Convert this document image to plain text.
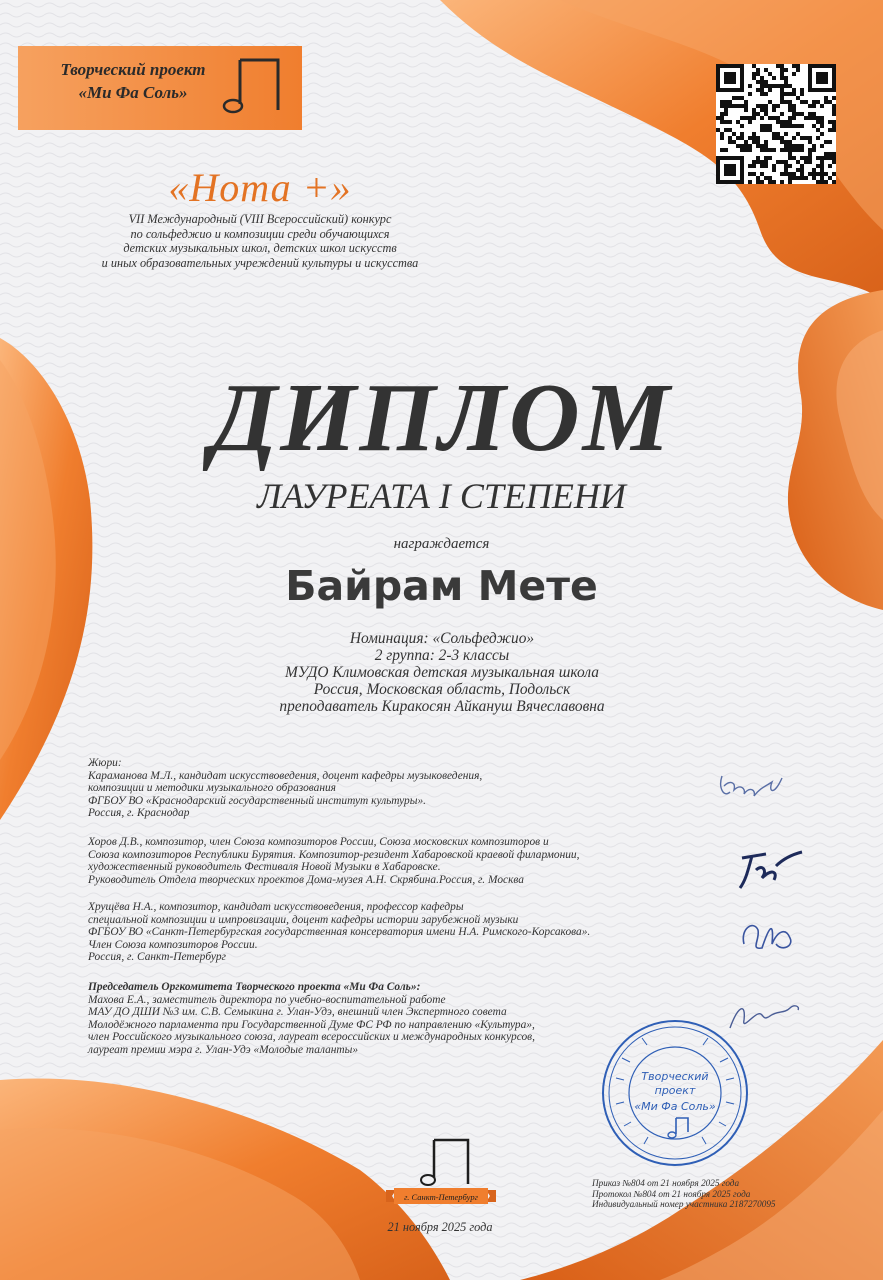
Творческий проект
«Ми Фа Соль»
«Нота +»
VII Международный (VIII Всероссийский) конкурс
по сольфеджио и композиции среди обучающихся
детских музыкальных школ, детских школ искусств
и иных образовательных учреждений культуры и искусства
ДИПЛОМ
ЛАУРЕАТА I СТЕПЕНИ
награждается
Байрам Мете
Номинация: «Сольфеджио»
2 группа: 2-3 классы
МУДО Климовская детская музыкальная школа
Россия, Московская область, Подольск
преподаватель Киракосян Айкануш Вячеславовна
Жюри:
Караманова М.Л., кандидат искусствоведения, доцент кафедры музыковедения,
композиции и методики музыкального образования
ФГБОУ ВО «Краснодарский государственный институт культуры».
Россия, г. Краснодар
Хоров Д.В., композитор, член Союза композиторов России, Союза московских композиторов и
Союза композиторов Республики Бурятия. Композитор-резидент Хабаровской краевой филармонии,
художественный руководитель Фестиваля Новой Музыки в Хабаровске.
Руководитель Отдела творческих проектов Дома-музея А.Н. Скрябина.Россия, г. Москва
Хрущёва Н.А., композитор, кандидат искусствоведения, профессор кафедры
специальной композиции и импровизации, доцент кафедры истории зарубежной музыки
ФГБОУ ВО «Санкт-Петербургская государственная консерватория имени Н.А. Римского-Корсакова».
Член Союза композиторов России.
Россия, г. Санкт-Петербург
Председатель Оргкомитета Творческого проекта «Ми Фа Соль»:
Махова Е.А., заместитель директора по учебно-воспитательной работе
МАУ ДО ДШИ №3 им. С.В. Семыкина г. Улан-Удэ, внешний член Экспертного совета
Молодёжного парламента при Государственной Думе ФС РФ по направлению «Культура»,
член Российского музыкального союза, лауреат всероссийских и международных конкурсов,
лауреат премии мэра г. Улан-Удэ «Молодые таланты»
Творческий
проект
«Ми Фа Соль»
г. Санкт-Петербург
21 ноября 2025 года
Приказ №804 от 21 ноября 2025 года
Протокол №804 от 21 ноября 2025 года
Индивидуальный номер участника 2187270095
